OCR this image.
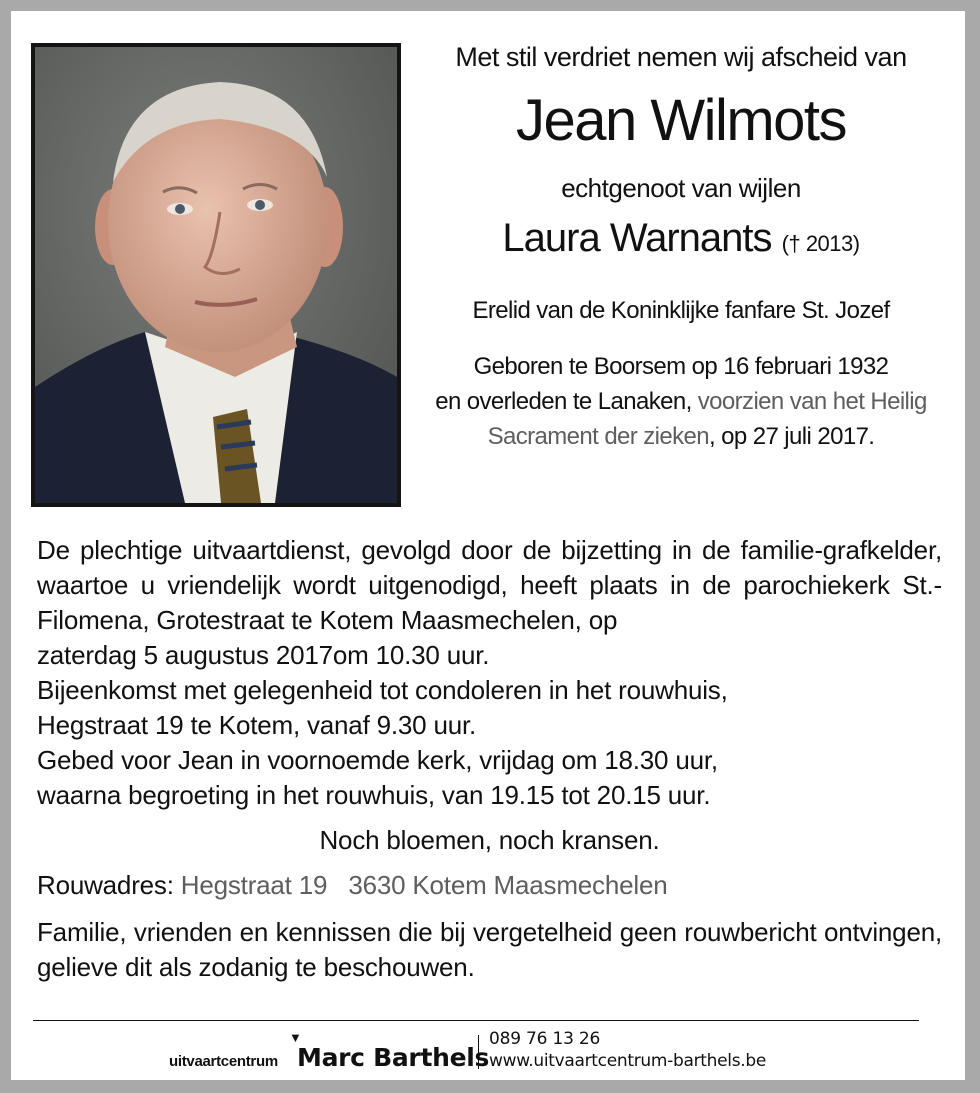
Met stil verdriet nemen wij afscheid van
Jean Wilmots
echtgenoot van wijlen
Laura Warnants († 2013)
Erelid van de Koninklijke fanfare St. Jozef
Geboren te Boorsem op 16 februari 1932
en overleden te Lanaken, voorzien van het Heilig
Sacrament der zieken, op 27 juli 2017.

De plechtige uitvaartdienst, gevolgd door de bijzetting in de familie-grafkelder, waartoe u vriendelijk wordt uitgenodigd, heeft plaats in de parochiekerk St.-Filomena, Grotestraat te Kotem Maasmechelen, op

zaterdag 5 augustus 2017om 10.30 uur.

Bijeenkomst met gelegenheid tot condoleren in het rouwhuis,

Hegstraat 19 te Kotem, vanaf 9.30 uur.

Gebed voor Jean in voornoemde kerk, vrijdag om 18.30 uur,

waarna begroeting in het rouwhuis, van 19.15 tot 20.15 uur.

Noch bloemen, noch kransen.

Rouwadres: Hegstraat 19 3630 Kotem Maasmechelen

Familie, vrienden en kennissen die bij vergetelheid geen rouwbericht ontvingen, gelieve dit als zodanig te beschouwen.

uitvaartcentrum
▼
Marc Barthels
089 76 13 26
www.uitvaartcentrum-barthels.be
